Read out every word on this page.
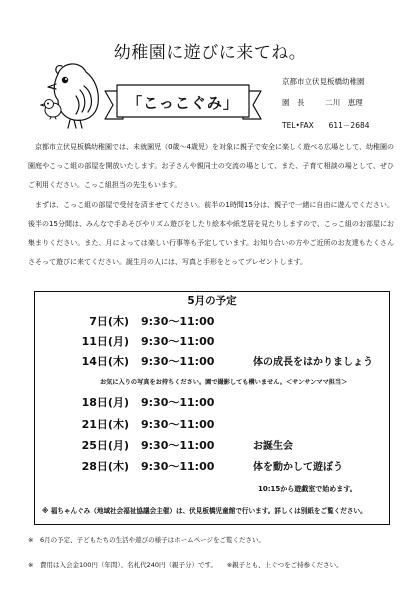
幼稚園に遊びに来てね。
「こっこぐみ」
京都市立伏見板橋幼稚園
園　長	二川　恵理
TEL•FAX 611－2684

京都市立伏見板橋幼稚園では、未就園児（0歳～4歳児）を対象に親子で安全に楽しく遊べる広場として、幼稚園の園庭やこっこ組の部屋を開放いたします。お子さんや親同士の交流の場として、また、子育て相談の場として、ぜひご利用ください。こっこ組担当の先生もいます。

まずは、こっこ組の部屋で受付を済ませてください。前半の1時間15分は、親子で一緒に自由に遊んでください。後半の15分間は、みんなで手あそびやリズム遊びをしたり絵本や紙芝居を見たりしますので、こっこ組のお部屋にお集まりください。また、月によっては楽しい行事等も予定しています。お知り合いの方やご近所のお友達もたくさんさそって遊びに来てください。誕生月の人には、写真と手形をとってプレゼントします。

5月の予定
7日(木) 9:30～11:00
11日(月) 9:30～11:00
14日(木) 9:30～11:00	体の成長をはかりましょう
お気に入りの写真をお持ちください。園で撮影しても構いません。＜サンサンママ担当＞
18日(月) 9:30～11:00
21日(木) 9:30～11:00
25日(月) 9:30～11:00	お誕生会
28日(木) 9:30～11:00	体を動かして遊ぼう
10:15から遊戯室で始めます。
※ 福ちゃんぐみ（地域社会福祉協議会主催）は、伏見板橋児童館で行います。詳しくは別紙をご覧ください。
※　6月の予定、子どもたちの生活や遊びの様子はホームページをご覧ください。
※　費用は入会金100円（年間）、名札代240円（親子分）です。　　※親子とも、上ぐつをご持参ください。
